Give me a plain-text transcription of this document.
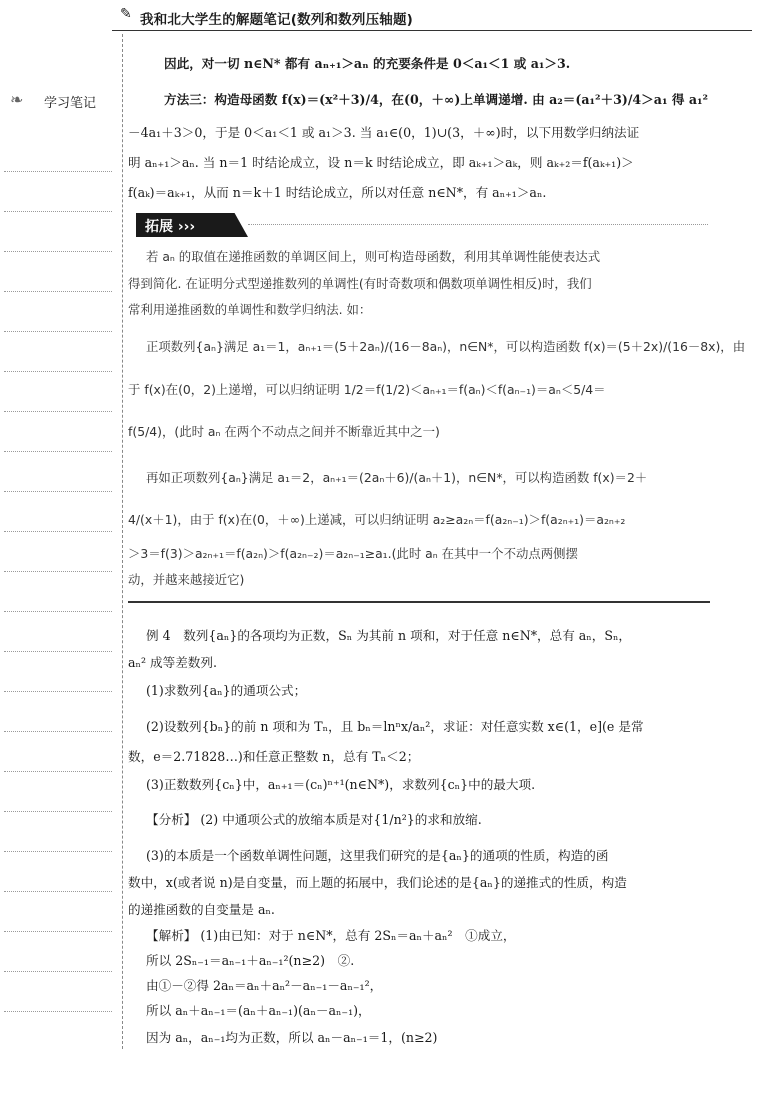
✎ 我和北大学生的解题笔记(数列和数列压轴题)
❧ 学习笔记
因此，对一切 n∈N* 都有 aₙ₊₁＞aₙ 的充要条件是 0＜a₁＜1 或 a₁＞3.
方法三：构造母函数 f(x)＝(x²＋3)/4，在(0，＋∞)上单调递增. 由 a₂＝(a₁²＋3)/4＞a₁ 得 a₁²
－4a₁＋3＞0，于是 0＜a₁＜1 或 a₁＞3. 当 a₁∈(0，1)∪(3，＋∞)时，以下用数学归纳法证
明 aₙ₊₁＞aₙ. 当 n＝1 时结论成立，设 n＝k 时结论成立，即 aₖ₊₁＞aₖ，则 aₖ₊₂＝f(aₖ₊₁)＞
f(aₖ)＝aₖ₊₁，从而 n＝k＋1 时结论成立，所以对任意 n∈N*，有 aₙ₊₁＞aₙ.
拓展 ›››
若 aₙ 的取值在递推函数的单调区间上，则可构造母函数，利用其单调性能使表达式
得到简化. 在证明分式型递推数列的单调性(有时奇数项和偶数项单调性相反)时，我们
常利用递推函数的单调性和数学归纳法. 如：
正项数列{aₙ}满足 a₁＝1，aₙ₊₁＝(5＋2aₙ)/(16－8aₙ)，n∈N*，可以构造函数 f(x)＝(5＋2x)/(16－8x)，由
于 f(x)在(0，2)上递增，可以归纳证明 1/2＝f(1/2)＜aₙ₊₁＝f(aₙ)＜f(aₙ₋₁)＝aₙ＜5/4＝
f(5/4)，(此时 aₙ 在两个不动点之间并不断靠近其中之一)
再如正项数列{aₙ}满足 a₁＝2，aₙ₊₁＝(2aₙ＋6)/(aₙ＋1)，n∈N*，可以构造函数 f(x)＝2＋
4/(x＋1)，由于 f(x)在(0，＋∞)上递减，可以归纳证明 a₂≥a₂ₙ＝f(a₂ₙ₋₁)＞f(a₂ₙ₊₁)＝a₂ₙ₊₂
＞3＝f(3)＞a₂ₙ₊₁＝f(a₂ₙ)＞f(a₂ₙ₋₂)＝a₂ₙ₋₁≥a₁.(此时 aₙ 在其中一个不动点两侧摆
动，并越来越接近它)
例 4　数列{aₙ}的各项均为正数，Sₙ 为其前 n 项和，对于任意 n∈N*，总有 aₙ，Sₙ，
aₙ² 成等差数列.
(1)求数列{aₙ}的通项公式；
(2)设数列{bₙ}的前 n 项和为 Tₙ，且 bₙ＝lnⁿx/aₙ²，求证：对任意实数 x∈(1，e](e 是常
数，e＝2.71828…)和任意正整数 n，总有 Tₙ＜2；
(3)正数数列{cₙ}中，aₙ₊₁＝(cₙ)ⁿ⁺¹(n∈N*)，求数列{cₙ}中的最大项.
【分析】 (2) 中通项公式的放缩本质是对{1/n²}的求和放缩.
(3)的本质是一个函数单调性问题，这里我们研究的是{aₙ}的通项的性质，构造的函
数中，x(或者说 n)是自变量，而上题的拓展中，我们论述的是{aₙ}的递推式的性质，构造
的递推函数的自变量是 aₙ.
【解析】 (1)由已知：对于 n∈N*，总有 2Sₙ＝aₙ＋aₙ²　①成立，
所以 2Sₙ₋₁＝aₙ₋₁＋aₙ₋₁²(n≥2)　②.
由①－②得 2aₙ＝aₙ＋aₙ²－aₙ₋₁－aₙ₋₁²，
所以 aₙ＋aₙ₋₁＝(aₙ＋aₙ₋₁)(aₙ－aₙ₋₁)，
因为 aₙ，aₙ₋₁均为正数，所以 aₙ－aₙ₋₁＝1，(n≥2)
